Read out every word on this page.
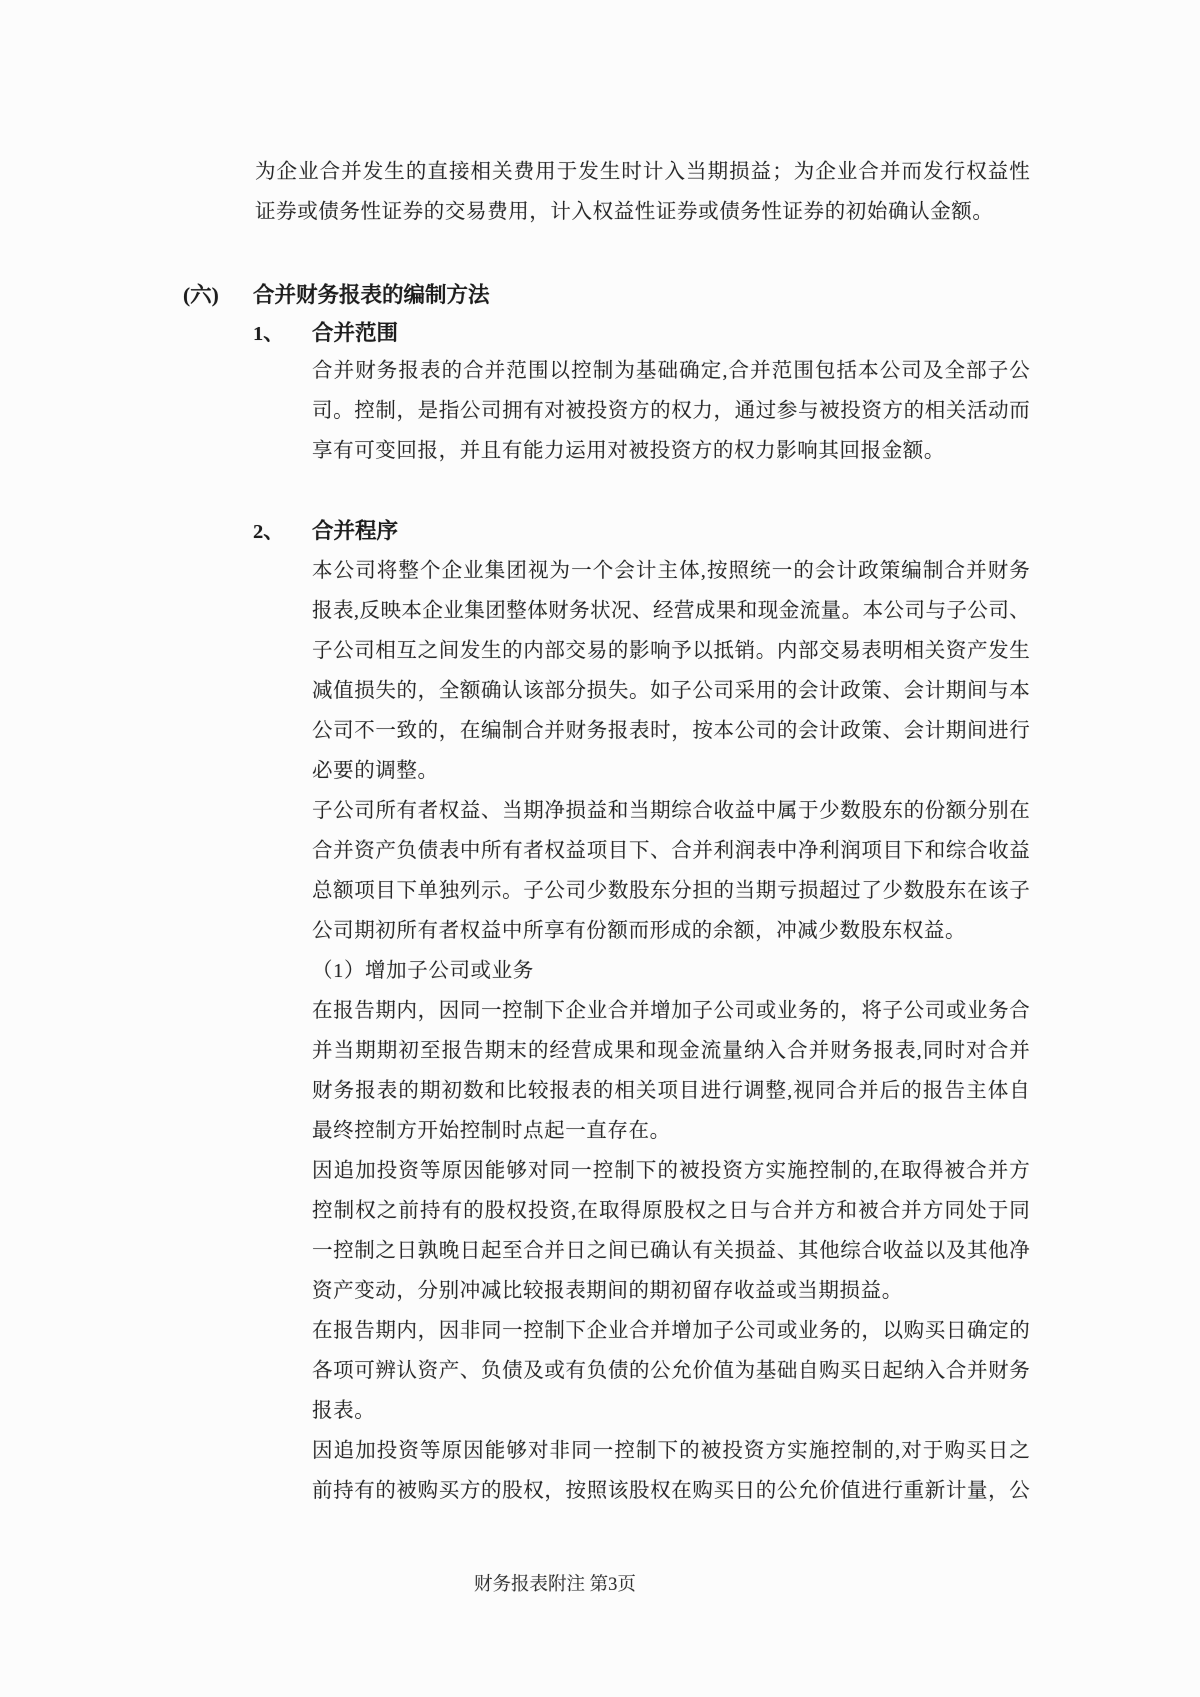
为企业合并发生的直接相关费用于发生时计入当期损益；为企业合并而发行权益性
证券或债务性证券的交易费用，计入权益性证券或债务性证券的初始确认金额。
(六) 合并财务报表的编制方法
1、 合并范围
合并财务报表的合并范围以控制为基础确定,合并范围包括本公司及全部子公
司。控制，是指公司拥有对被投资方的权力，通过参与被投资方的相关活动而
享有可变回报，并且有能力运用对被投资方的权力影响其回报金额。
2、 合并程序
本公司将整个企业集团视为一个会计主体,按照统一的会计政策编制合并财务
报表,反映本企业集团整体财务状况、经营成果和现金流量。本公司与子公司、
子公司相互之间发生的内部交易的影响予以抵销。内部交易表明相关资产发生
减值损失的，全额确认该部分损失。如子公司采用的会计政策、会计期间与本
公司不一致的，在编制合并财务报表时，按本公司的会计政策、会计期间进行
必要的调整。
子公司所有者权益、当期净损益和当期综合收益中属于少数股东的份额分别在
合并资产负债表中所有者权益项目下、合并利润表中净利润项目下和综合收益
总额项目下单独列示。子公司少数股东分担的当期亏损超过了少数股东在该子
公司期初所有者权益中所享有份额而形成的余额，冲减少数股东权益。
（1）增加子公司或业务
在报告期内，因同一控制下企业合并增加子公司或业务的，将子公司或业务合
并当期期初至报告期末的经营成果和现金流量纳入合并财务报表,同时对合并
财务报表的期初数和比较报表的相关项目进行调整,视同合并后的报告主体自
最终控制方开始控制时点起一直存在。
因追加投资等原因能够对同一控制下的被投资方实施控制的,在取得被合并方
控制权之前持有的股权投资,在取得原股权之日与合并方和被合并方同处于同
一控制之日孰晚日起至合并日之间已确认有关损益、其他综合收益以及其他净
资产变动，分别冲减比较报表期间的期初留存收益或当期损益。
在报告期内，因非同一控制下企业合并增加子公司或业务的，以购买日确定的
各项可辨认资产、负债及或有负债的公允价值为基础自购买日起纳入合并财务
报表。
因追加投资等原因能够对非同一控制下的被投资方实施控制的,对于购买日之
前持有的被购买方的股权，按照该股权在购买日的公允价值进行重新计量，公
财务报表附注 第3页
